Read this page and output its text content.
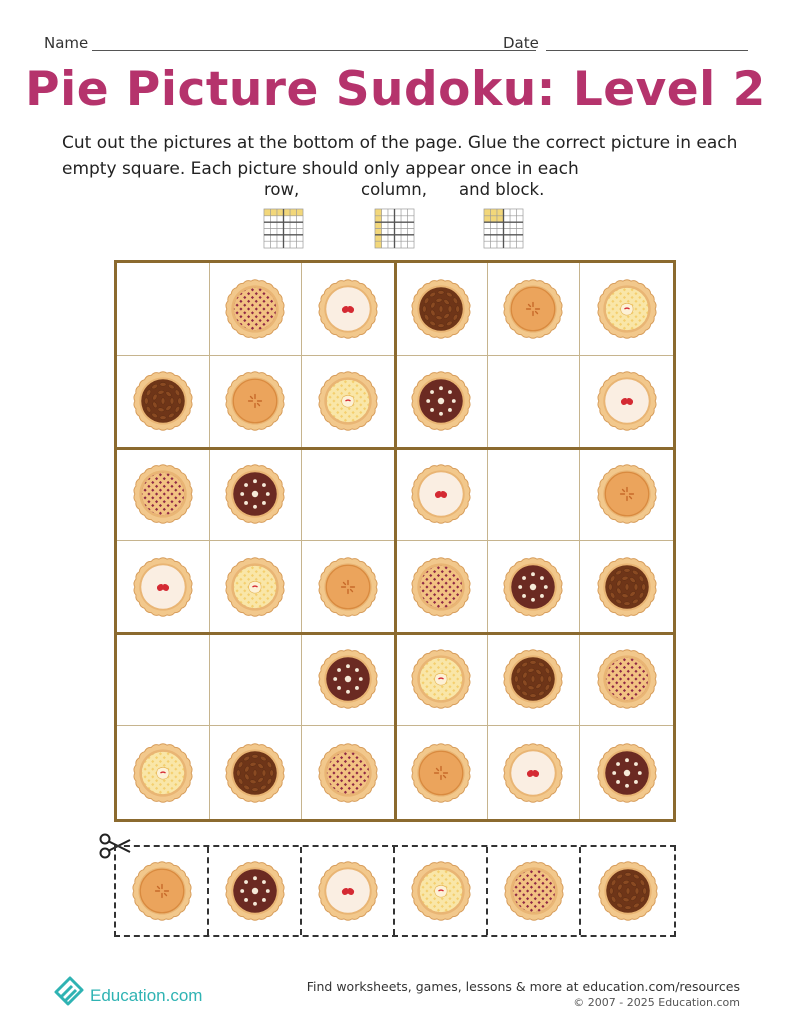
Name	Date
Pie Picture Sudoku: Level 2

Cut out the pictures at the bottom of the page. Glue the correct picture in each
empty square. Each picture should only appear once in each

row,	column, and block.
Education.com	Find worksheets, games, lessons & more at education.com/resources
© 2007 - 2025 Education.com
